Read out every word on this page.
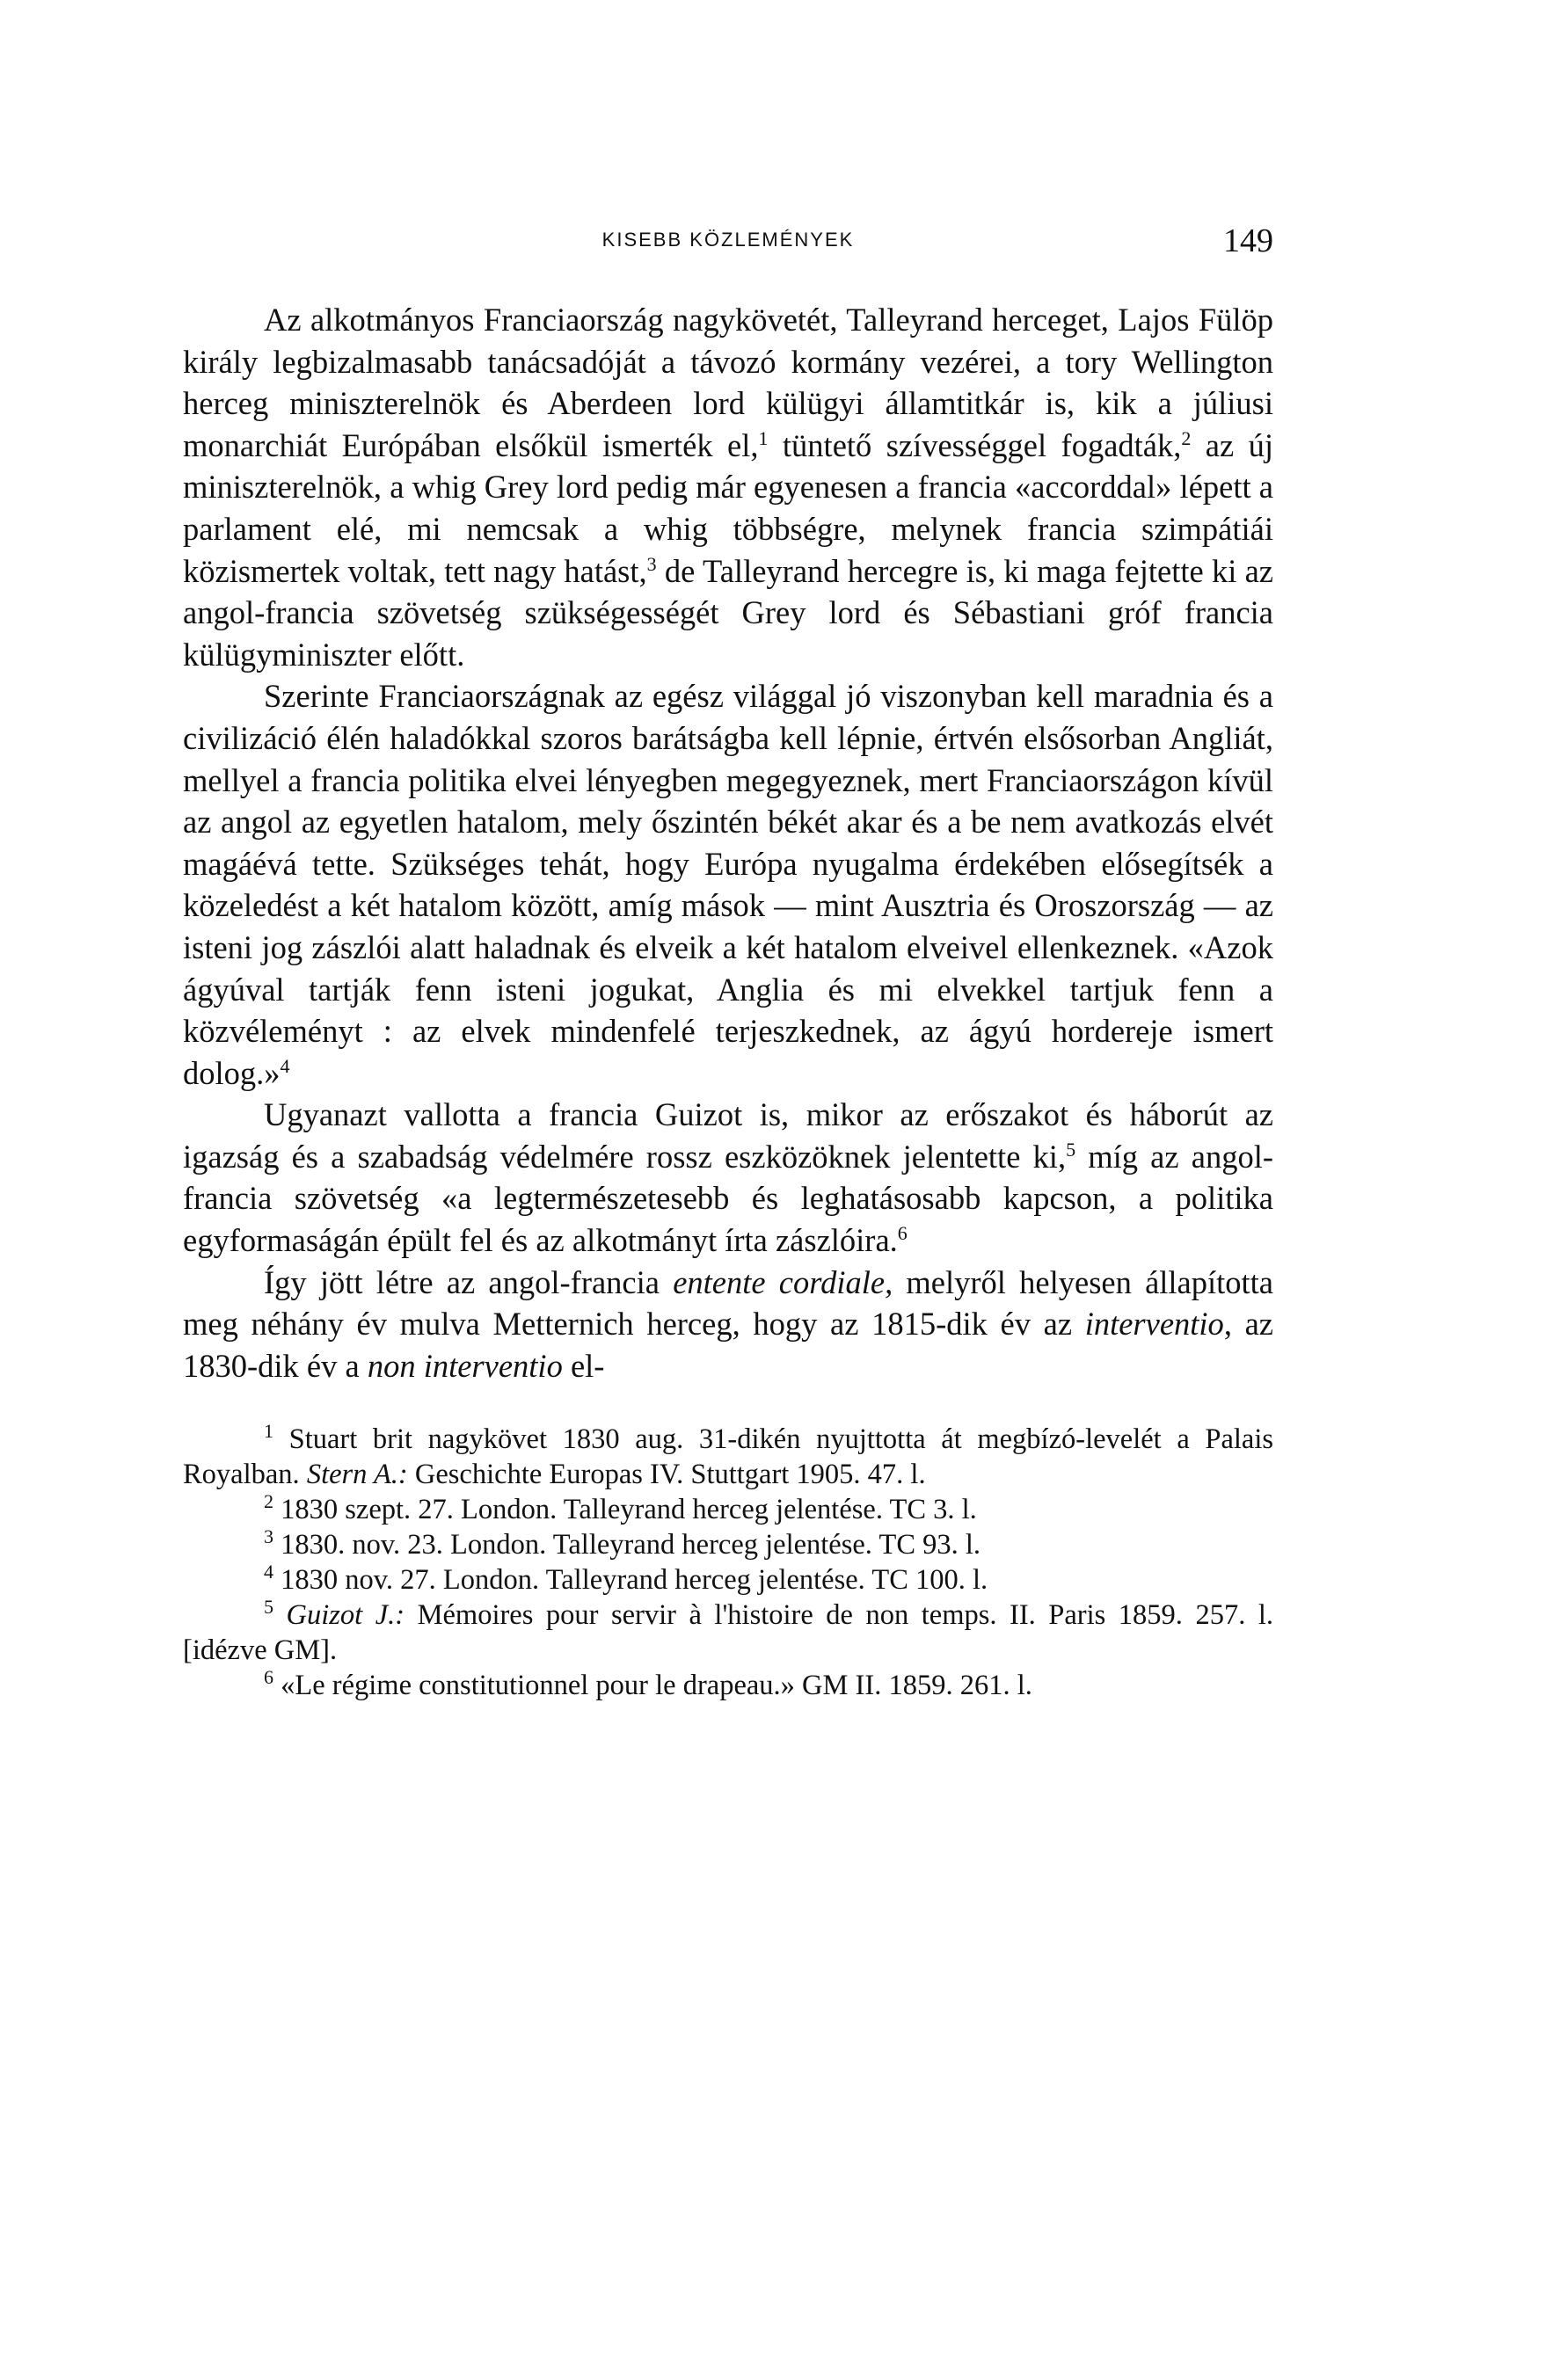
KISEBB KÖZLEMÉNYEK	149

Az alkotmányos Franciaország nagykövetét, Talleyrand herceget, Lajos Fülöp király legbizalmasabb tanácsadóját a távozó kormány vezérei, a tory Wellington herceg miniszterelnök és Aberdeen lord külügyi államtitkár is, kik a júliusi monarchiát Európában elsőkül ismerték el,$^1$ tüntető szívességgel fogadták,$^2$ az új miniszterelnök, a whig Grey lord pedig már egyenesen a francia «accorddal» lépett a parlament elé, mi nemcsak a whig többségre, melynek francia szimpátiái közismertek voltak, tett nagy hatást,$^3$ de Talleyrand hercegre is, ki maga fejtette ki az angol-francia szövetség szükségességét Grey lord és Sébastiani gróf francia külügyminiszter előtt.

Szerinte Franciaországnak az egész világgal jó viszonyban kell maradnia és a civilizáció élén haladókkal szoros barátságba kell lépnie, értvén elsősorban Angliát, mellyel a francia politika elvei lényegben megegyeznek, mert Franciaországon kívül az angol az egyetlen hatalom, mely őszintén békét akar és a be nem avatkozás elvét magáévá tette. Szükséges tehát, hogy Európa nyugalma érdekében elősegítsék a közeledést a két hatalom között, amíg mások — mint Ausztria és Oroszország — az isteni jog zászlói alatt haladnak és elveik a két hatalom elveivel ellenkeznek. «Azok ágyúval tartják fenn isteni jogukat, Anglia és mi elvekkel tartjuk fenn a közvéleményt : az elvek mindenfelé terjeszkednek, az ágyú hordereje ismert dolog.»$^4$

Ugyanazt vallotta a francia Guizot is, mikor az erőszakot és háborút az igazság és a szabadság védelmére rossz eszközöknek jelentette ki,$^5$ míg az angol-francia szövetség «a legtermészetesebb és leghatásosabb kapcson, a politika egyformaságán épült fel és az alkotmányt írta zászlóira.$^6$

Így jött létre az angol-francia entente cordiale, melyről helyesen állapította meg néhány év mulva Metternich herceg, hogy az 1815-dik év az interventio, az 1830-dik év a non interventio el-

$^1$ Stuart brit nagykövet 1830 aug. 31-dikén nyujttotta át megbízó-levelét a Palais Royalban. Stern A.: Geschichte Europas IV. Stuttgart 1905. 47. l.

$^2$ 1830 szept. 27. London. Talleyrand herceg jelentése. TC 3. l.

$^3$ 1830. nov. 23. London. Talleyrand herceg jelentése. TC 93. l.

$^4$ 1830 nov. 27. London. Talleyrand herceg jelentése. TC 100. l.

$^5$ Guizot J.: Mémoires pour servir à l'histoire de non temps. II. Paris 1859. 257. l. [idézve GM].

$^6$ «Le régime constitutionnel pour le drapeau.» GM II. 1859. 261. l.
